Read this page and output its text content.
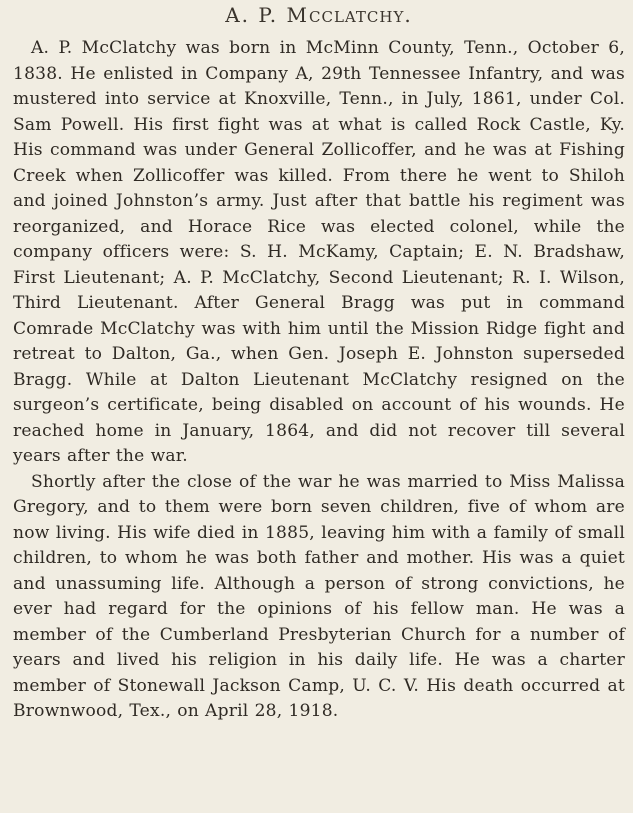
A. P. MCCLATCHY.

A. P. McClatchy was born in McMinn County, Tenn., October 6, 1838. He enlisted in Company A, 29th Tennessee Infantry, and was mustered into service at Knoxville, Tenn., in July, 1861, under Col. Sam Powell. His first fight was at what is called Rock Castle, Ky. His command was under General Zollicoffer, and he was at Fishing Creek when Zollicoffer was killed. From there he went to Shiloh and joined Johnston’s army. Just after that battle his regiment was reorganized, and Horace Rice was elected colonel, while the company officers were: S. H. McKamy, Captain; E. N. Bradshaw, First Lieutenant; A. P. McClatchy, Second Lieutenant; R. I. Wilson, Third Lieutenant. After General Bragg was put in command Comrade McClatchy was with him until the Mission Ridge fight and retreat to Dalton, Ga., when Gen. Joseph E. Johnston superseded Bragg. While at Dalton Lieutenant McClatchy resigned on the surgeon’s certificate, being disabled on account of his wounds. He reached home in January, 1864, and did not recover till several years after the war.

Shortly after the close of the war he was married to Miss Malissa Gregory, and to them were born seven children, five of whom are now living. His wife died in 1885, leaving him with a family of small children, to whom he was both father and mother. His was a quiet and unassuming life. Although a person of strong convictions, he ever had regard for the opinions of his fellow man. He was a member of the Cumberland Presbyterian Church for a number of years and lived his religion in his daily life. He was a charter member of Stonewall Jackson Camp, U. C. V. His death occurred at Brownwood, Tex., on April 28, 1918.
